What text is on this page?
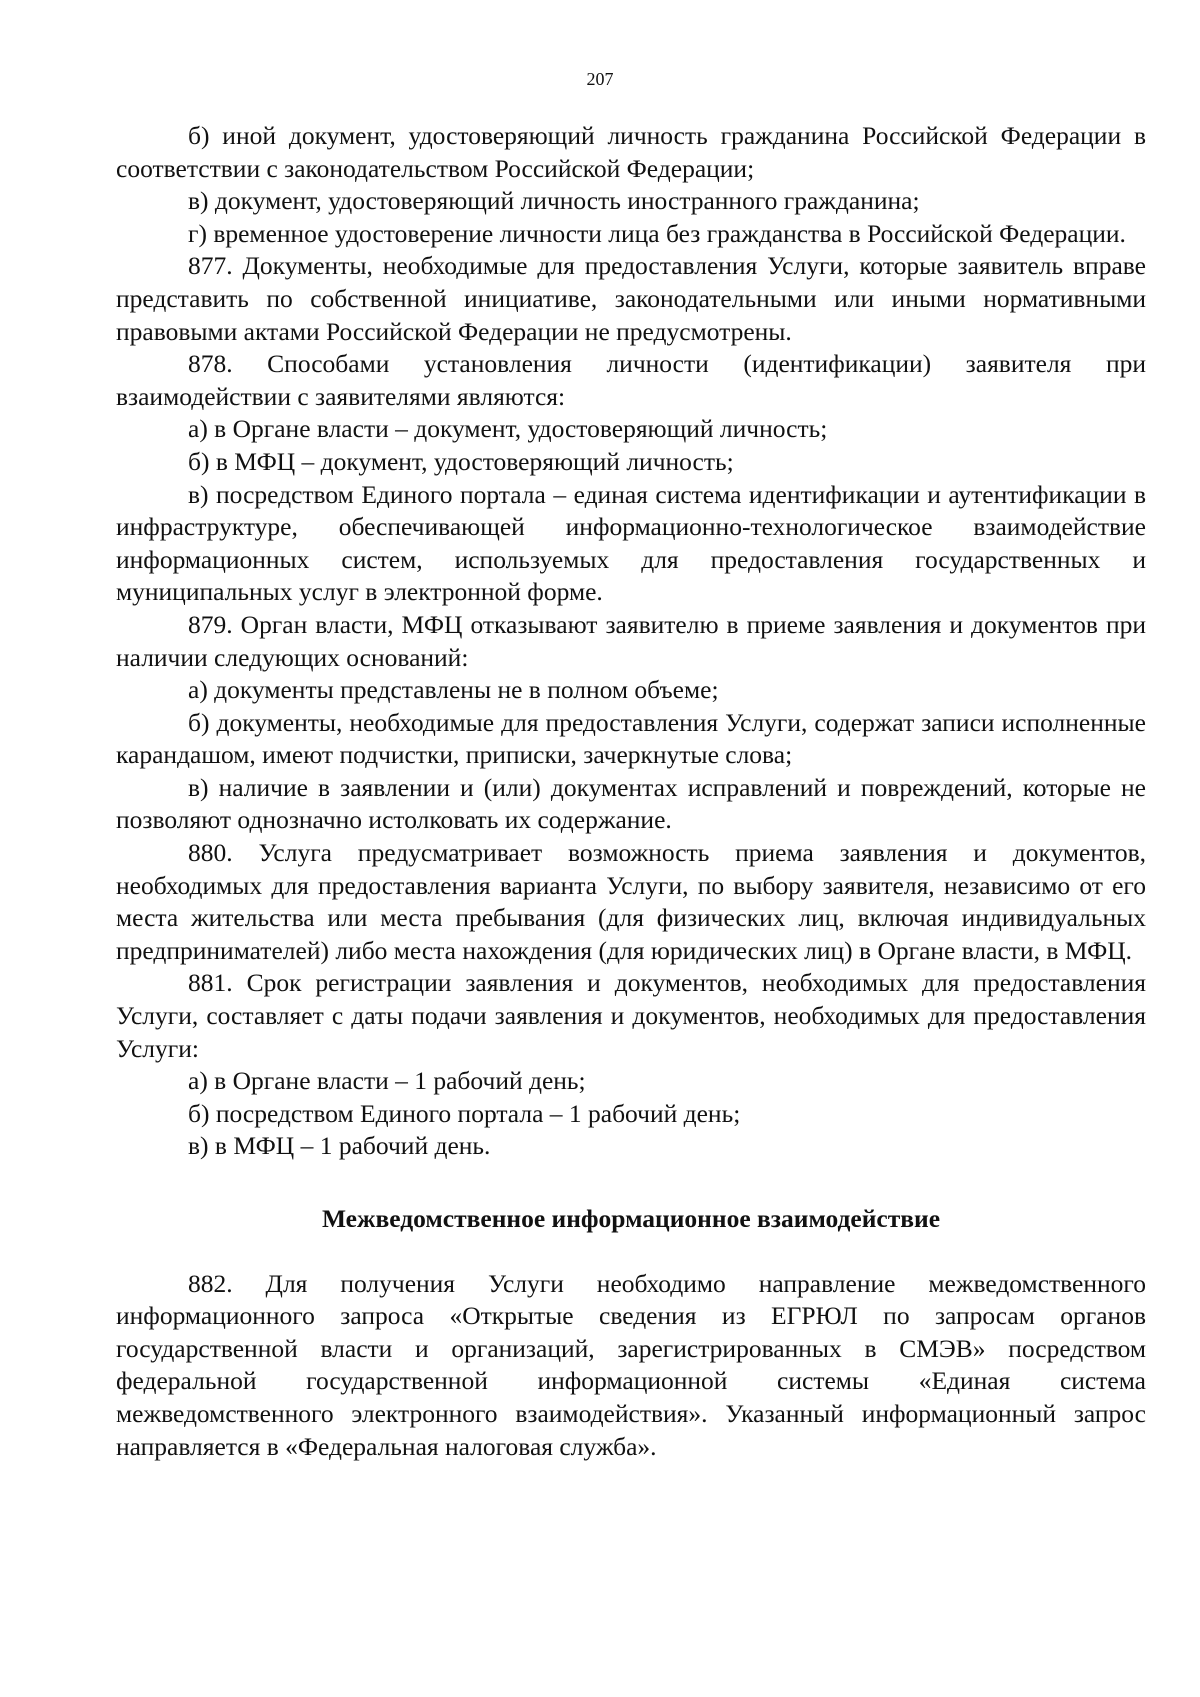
207

б) иной документ, удостоверяющий личность гражданина Российской Федерации в соответствии с законодательством Российской Федерации;

в) документ, удостоверяющий личность иностранного гражданина;

г) временное удостоверение личности лица без гражданства в Российской Федерации.

877. Документы, необходимые для предоставления Услуги, которые заявитель вправе представить по собственной инициативе, законодательными или иными нормативными правовыми актами Российской Федерации не предусмотрены.

878. Способами установления личности (идентификации) заявителя при взаимодействии с заявителями являются:

а) в Органе власти – документ, удостоверяющий личность;

б) в МФЦ – документ, удостоверяющий личность;

в) посредством Единого портала – единая система идентификации и аутентификации в инфраструктуре, обеспечивающей информационно-технологическое взаимодействие информационных систем, используемых для предоставления государственных и муниципальных услуг в электронной форме.

879. Орган власти, МФЦ отказывают заявителю в приеме заявления и документов при наличии следующих оснований:

а) документы представлены не в полном объеме;

б) документы, необходимые для предоставления Услуги, содержат записи исполненные карандашом, имеют подчистки, приписки, зачеркнутые слова;

в) наличие в заявлении и (или) документах исправлений и повреждений, которые не позволяют однозначно истолковать их содержание.

880. Услуга предусматривает возможность приема заявления и документов, необходимых для предоставления варианта Услуги, по выбору заявителя, независимо от его места жительства или места пребывания (для физических лиц, включая индивидуальных предпринимателей) либо места нахождения (для юридических лиц) в Органе власти, в МФЦ.

881. Срок регистрации заявления и документов, необходимых для предоставления Услуги, составляет с даты подачи заявления и документов, необходимых для предоставления Услуги:

а) в Органе власти – 1 рабочий день;

б) посредством Единого портала – 1 рабочий день;

в) в МФЦ – 1 рабочий день.

Межведомственное информационное взаимодействие

882. Для получения Услуги необходимо направление межведомственного информационного запроса «Открытые сведения из ЕГРЮЛ по запросам органов государственной власти и организаций, зарегистрированных в СМЭВ» посредством федеральной государственной информационной системы «Единая система межведомственного электронного взаимодействия». Указанный информационный запрос направляется в «Федеральная налоговая служба».
